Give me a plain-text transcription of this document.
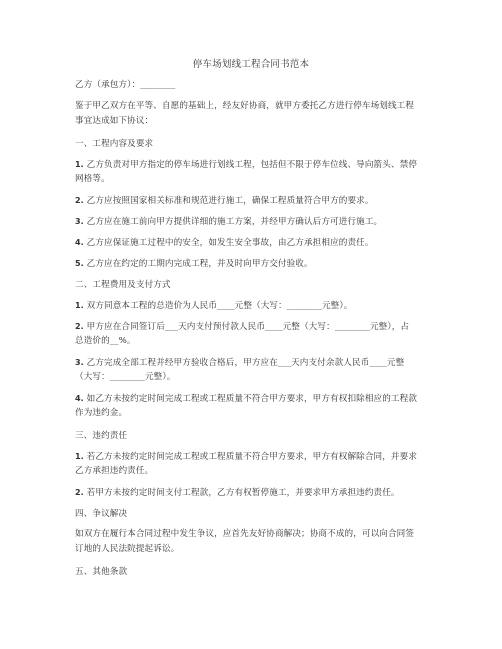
停车场划线工程合同书范本
乙方（承包方）：________
鉴于甲乙双方在平等、自愿的基础上，经友好协商，就甲方委托乙方进行停车场划线工程
事宜达成如下协议：
一、工程内容及要求
1. 乙方负责对甲方指定的停车场进行划线工程，包括但不限于停车位线、导向箭头、禁停
网格等。
2. 乙方应按照国家相关标准和规范进行施工，确保工程质量符合甲方的要求。
3. 乙方应在施工前向甲方提供详细的施工方案，并经甲方确认后方可进行施工。
4. 乙方应保证施工过程中的安全，如发生安全事故，由乙方承担相应的责任。
5. 乙方应在约定的工期内完成工程，并及时向甲方交付验收。
二、工程费用及支付方式
1. 双方同意本工程的总造价为人民币____元整（大写：________元整）。
2. 甲方应在合同签订后___天内支付预付款人民币____元整（大写：________元整），占
总造价的__%。
3. 乙方完成全部工程并经甲方验收合格后，甲方应在___天内支付余款人民币____元整
（大写：________元整）。
4. 如乙方未按约定时间完成工程或工程质量不符合甲方要求，甲方有权扣除相应的工程款
作为违约金。
三、违约责任
1. 若乙方未按约定时间完成工程或工程质量不符合甲方要求，甲方有权解除合同，并要求
乙方承担违约责任。
2. 若甲方未按约定时间支付工程款，乙方有权暂停施工，并要求甲方承担违约责任。
四、争议解决
如双方在履行本合同过程中发生争议，应首先友好协商解决；协商不成的，可以向合同签
订地的人民法院提起诉讼。
五、其他条款
